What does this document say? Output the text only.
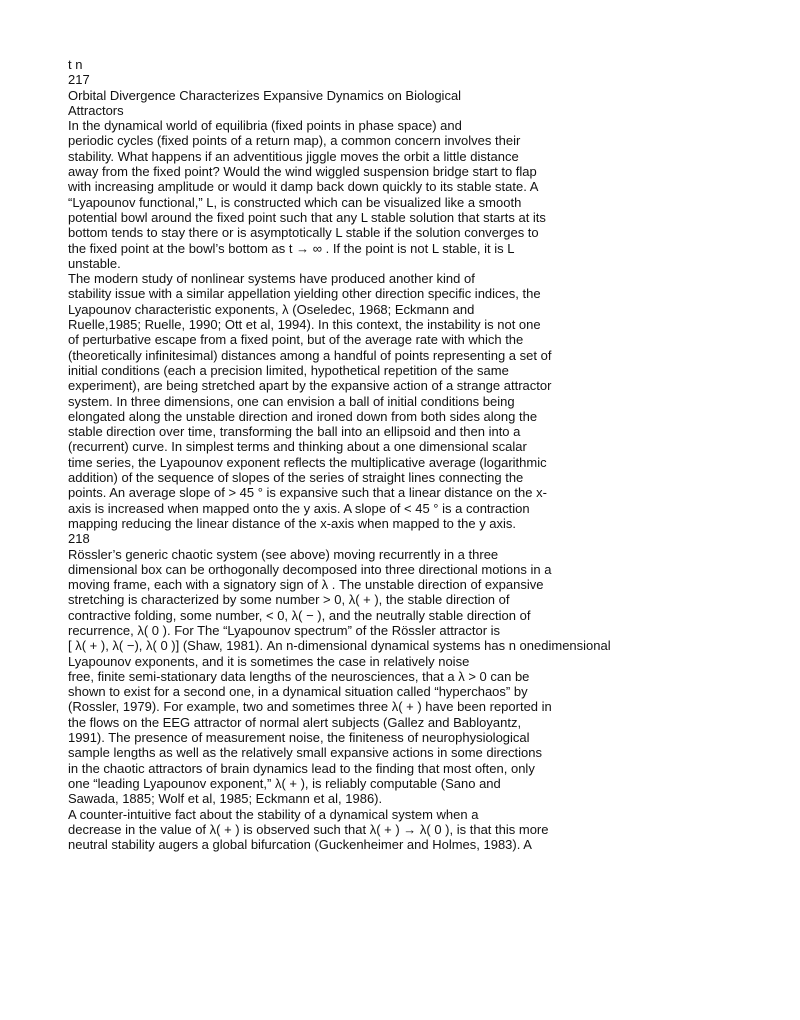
t n
217
Orbital Divergence Characterizes Expansive Dynamics on Biological
Attractors
In the dynamical world of equilibria (fixed points in phase space) and
periodic cycles (fixed points of a return map), a common concern involves their
stability. What happens if an adventitious jiggle moves the orbit a little distance
away from the fixed point? Would the wind wiggled suspension bridge start to flap
with increasing amplitude or would it damp back down quickly to its stable state. A
“Lyapounov functional,” L, is constructed which can be visualized like a smooth
potential bowl around the fixed point such that any L stable solution that starts at its
bottom tends to stay there or is asymptotically L stable if the solution converges to
the fixed point at the bowl’s bottom as t → ∞ . If the point is not L stable, it is L
unstable.
The modern study of nonlinear systems have produced another kind of
stability issue with a similar appellation yielding other direction specific indices, the
Lyapounov characteristic exponents, λ (Oseledec, 1968; Eckmann and
Ruelle,1985; Ruelle, 1990; Ott et al, 1994). In this context, the instability is not one
of perturbative escape from a fixed point, but of the average rate with which the
(theoretically infinitesimal) distances among a handful of points representing a set of
initial conditions (each a precision limited, hypothetical repetition of the same
experiment), are being stretched apart by the expansive action of a strange attractor
system. In three dimensions, one can envision a ball of initial conditions being
elongated along the unstable direction and ironed down from both sides along the
stable direction over time, transforming the ball into an ellipsoid and then into a
(recurrent) curve. In simplest terms and thinking about a one dimensional scalar
time series, the Lyapounov exponent reflects the multiplicative average (logarithmic
addition) of the sequence of slopes of the series of straight lines connecting the
points. An average slope of > 45 ° is expansive such that a linear distance on the x-
axis is increased when mapped onto the y axis. A slope of < 45 ° is a contraction
mapping reducing the linear distance of the x-axis when mapped to the y axis.
218
Rössler’s generic chaotic system (see above) moving recurrently in a three
dimensional box can be orthogonally decomposed into three directional motions in a
moving frame, each with a signatory sign of λ . The unstable direction of expansive
stretching is characterized by some number > 0, λ( + ), the stable direction of
contractive folding, some number, < 0, λ( − ), and the neutrally stable direction of
recurrence, λ( 0 ). For The “Lyapounov spectrum” of the Rössler attractor is
[ λ( + ), λ( −), λ( 0 )] (Shaw, 1981). An n-dimensional dynamical systems has n onedimensional
Lyapounov exponents, and it is sometimes the case in relatively noise
free, finite semi-stationary data lengths of the neurosciences, that a λ > 0 can be
shown to exist for a second one, in a dynamical situation called “hyperchaos” by
(Rossler, 1979). For example, two and sometimes three λ( + ) have been reported in
the flows on the EEG attractor of normal alert subjects (Gallez and Babloyantz,
1991). The presence of measurement noise, the finiteness of neurophysiological
sample lengths as well as the relatively small expansive actions in some directions
in the chaotic attractors of brain dynamics lead to the finding that most often, only
one “leading Lyapounov exponent,” λ( + ), is reliably computable (Sano and
Sawada, 1885; Wolf et al, 1985; Eckmann et al, 1986).
A counter-intuitive fact about the stability of a dynamical system when a
decrease in the value of λ( + ) is observed such that λ( + ) → λ( 0 ), is that this more
neutral stability augers a global bifurcation (Guckenheimer and Holmes, 1983). A
